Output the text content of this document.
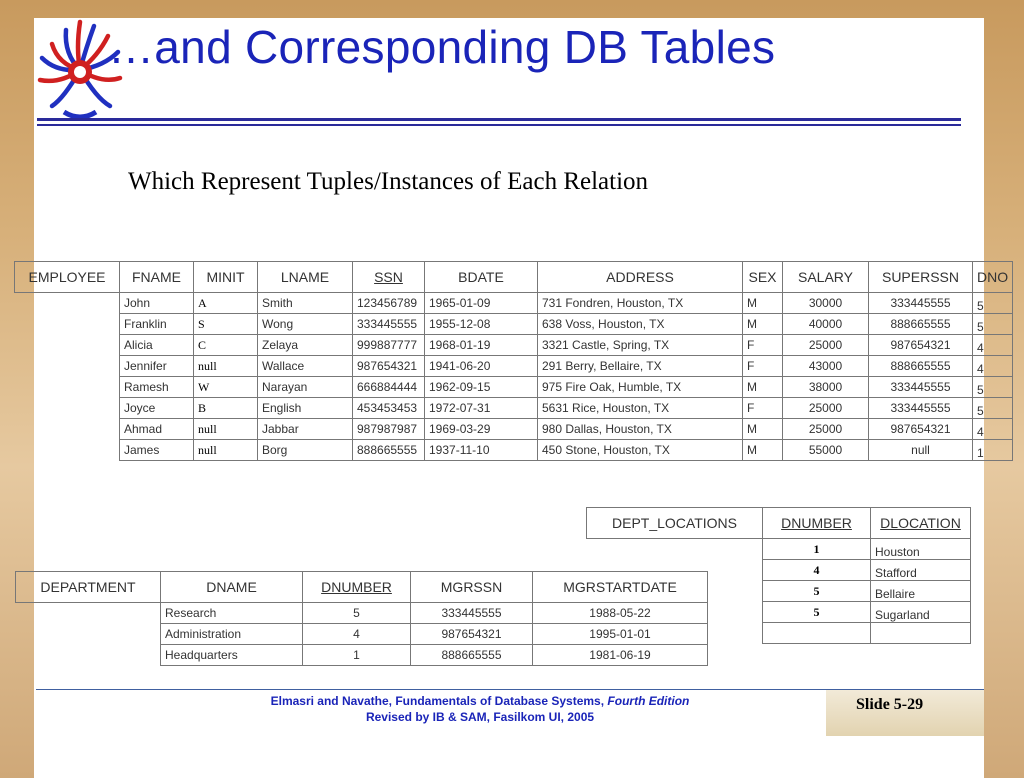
…and Corresponding DB Tables
Which Represent Tuples/Instances of Each Relation
EMPLOYEE	FNAME	MINIT	LNAME	SSN	BDATE	ADDRESS	SEX	SALARY	SUPERSSN	DNO
	John	A	Smith	123456789	1965-01-09	731 Fondren, Houston, TX	M	30000	333445555	5
	Franklin	S	Wong	333445555	1955-12-08	638 Voss, Houston, TX	M	40000	888665555	5
	Alicia	C	Zelaya	999887777	1968-01-19	3321 Castle, Spring, TX	F	25000	987654321	4
	Jennifer	null	Wallace	987654321	1941-06-20	291 Berry, Bellaire, TX	F	43000	888665555	4
	Ramesh	W	Narayan	666884444	1962-09-15	975 Fire Oak, Humble, TX	M	38000	333445555	5
	Joyce	B	English	453453453	1972-07-31	5631 Rice, Houston, TX	F	25000	333445555	5
	Ahmad	null	Jabbar	987987987	1969-03-29	980 Dallas, Houston, TX	M	25000	987654321	4
	James	null	Borg	888665555	1937-11-10	450 Stone, Houston, TX	M	55000	null	1
DEPT_LOCATIONS	DNUMBER	DLOCATION
	1	Houston
	4	Stafford
	5	Bellaire
	5	Sugarland

DEPARTMENT	DNAME	DNUMBER	MGRSSN	MGRSTARTDATE
	Research	5	333445555	1988-05-22
	Administration	4	987654321	1995-01-01
	Headquarters	1	888665555	1981-06-19
Elmasri and Navathe, Fundamentals of Database Systems, Fourth Edition
Revised by IB & SAM, Fasilkom UI, 2005
Slide 5-29
